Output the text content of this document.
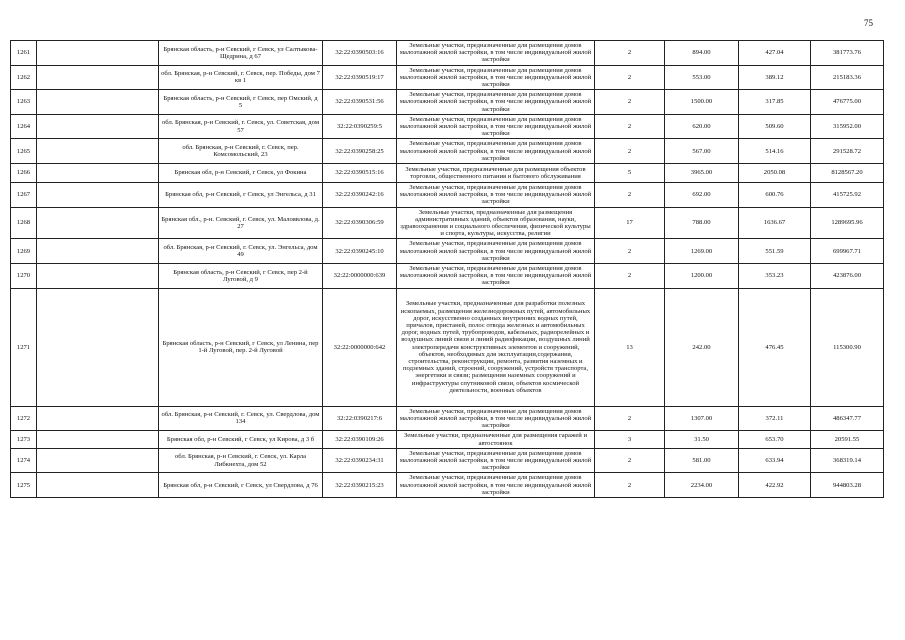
75
1261		Брянская область, р-н Севский, г Севск, ул Салтыкова-Щедрина, д 67	32:22:0390503:16	Земельные участки, предназначенные для размещения домов малоэтажной жилой застройки, в том числе индивидуальной жилой застройки	2	894.00	427.04	381773.76
1262		обл. Брянская, р-н Севский, г. Севск, пер. Победы, дом 7 кв 1	32:22:0390519:17	Земельные участки, предназначенные для размещения домов малоэтажной жилой застройки, в том числе индивидуальной жилой застройки	2	553.00	389.12	215183.36
1263		Брянская область, р-н Севский, г Севск, пер Омский, д 5	32:22:0390531:56	Земельные участки, предназначенные для размещения домов малоэтажной жилой застройки, в том числе индивидуальной жилой застройки	2	1500.00	317.85	476775.00
1264		обл. Брянская, р-н Севский, г. Севск, ул. Советская, дом 57	32:22:0390259:5	Земельные участки, предназначенные для размещения домов малоэтажной жилой застройки, в том числе индивидуальной жилой застройки	2	620.00	509.60	315952.00
1265		обл. Брянская, р-н Севский, г. Севск, пер. Комсомольский, 23	32:22:0390258:25	Земельные участки, предназначенные для размещения домов малоэтажной жилой застройки, в том числе индивидуальной жилой застройки	2	567.00	514.16	291528.72
1266		Брянская обл, р-н Севский, г Севск, ул Фокина	32:22:0390515:16	Земельные участки, предназначенные для размещения объектов торговли, общественного питания и бытового обслуживания	5	3965.00	2050.08	8128567.20
1267		Брянская обл, р-н Севский, г Севск, ул Энгельса, д 31	32:22:0390242:16	Земельные участки, предназначенные для размещения домов малоэтажной жилой застройки, в том числе индивидуальной жилой застройки	2	692.00	600.76	415725.92
1268		Брянская обл., р-н. Севский, г. Севск, ул. Малоявлова, д. 27	32:22:0390306:59	Земельные участки, предназначенные для размещения административных зданий, объектов образования, науки, здравоохранения и социального обеспечения, физической культуры и спорта, культуры, искусства, религии	17	788.00	1636.67	1289695.96
1269		обл. Брянская, р-н Севский, г. Севск, ул. Энгельса, дом 49	32:22:0390245:10	Земельные участки, предназначенные для размещения домов малоэтажной жилой застройки, в том числе индивидуальной жилой застройки	2	1269.00	551.59	699967.71
1270		Брянская область, р-н Севский, г Севск, пер 2-й Луговой, д 9	32:22:0000000:639	Земельные участки, предназначенные для размещения домов малоэтажной жилой застройки, в том числе индивидуальной жилой застройки	2	1200.00	353.23	423876.00
1271		Брянская область, р-н Севский, г Севск, ул Ленина, пер 1-й Луговой, пер. 2-й Луговой	32:22:0000000:642	Земельные участки, предназначенные для разработки полезных ископаемых, размещения железнодорожных путей, автомобильных дорог, искусственно созданных внутренних водных путей, причалов, пристаней, полос отвода железных и автомобильных дорог, водных путей, трубопроводов, кабельных, радиорелейных и воздушных линий связи и линий радиофикации, воздушных линий электропередачи конструктивных элементов и сооружений, объектов, необходимых для эксплуатации,содержания, строительства, реконструкции, ремонта, развития наземных и подземных зданий, строений, сооружений, устройств транспорта, энергетики и связи; размещения наземных сооружений и инфраструктуры спутниковой связи, объектов космической деятельности, военных объектов	13	242.00	476.45	115300.90
1272		обл. Брянская, р-н Севский, г. Севск, ул. Свердлова, дом 134	32:22:0390217:6	Земельные участки, предназначенные для размещения домов малоэтажной жилой застройки, в том числе индивидуальной жилой застройки	2	1307.00	372.11	486347.77
1273		Брянская обл, р-н Севский, г Севск, ул Кирова, д 3 б	32:22:0390109:26	Земельные участки, предназначенные для размещения гаражей и автостоянок	3	31.50	653.70	20591.55
1274		обл. Брянская, р-н Севский, г. Севск, ул. Карла Либкнехта, дом 52	32:22:0390234:31	Земельные участки, предназначенные для размещения домов малоэтажной жилой застройки, в том числе индивидуальной жилой застройки	2	581.00	633.94	368319.14
1275		Брянская обл, р-н Севский, г Севск, ул Свердлова, д 76	32:22:0390215:23	Земельные участки, предназначенные для размещения домов малоэтажной жилой застройки, в том числе индивидуальной жилой застройки	2	2234.00	422.92	944803.28
